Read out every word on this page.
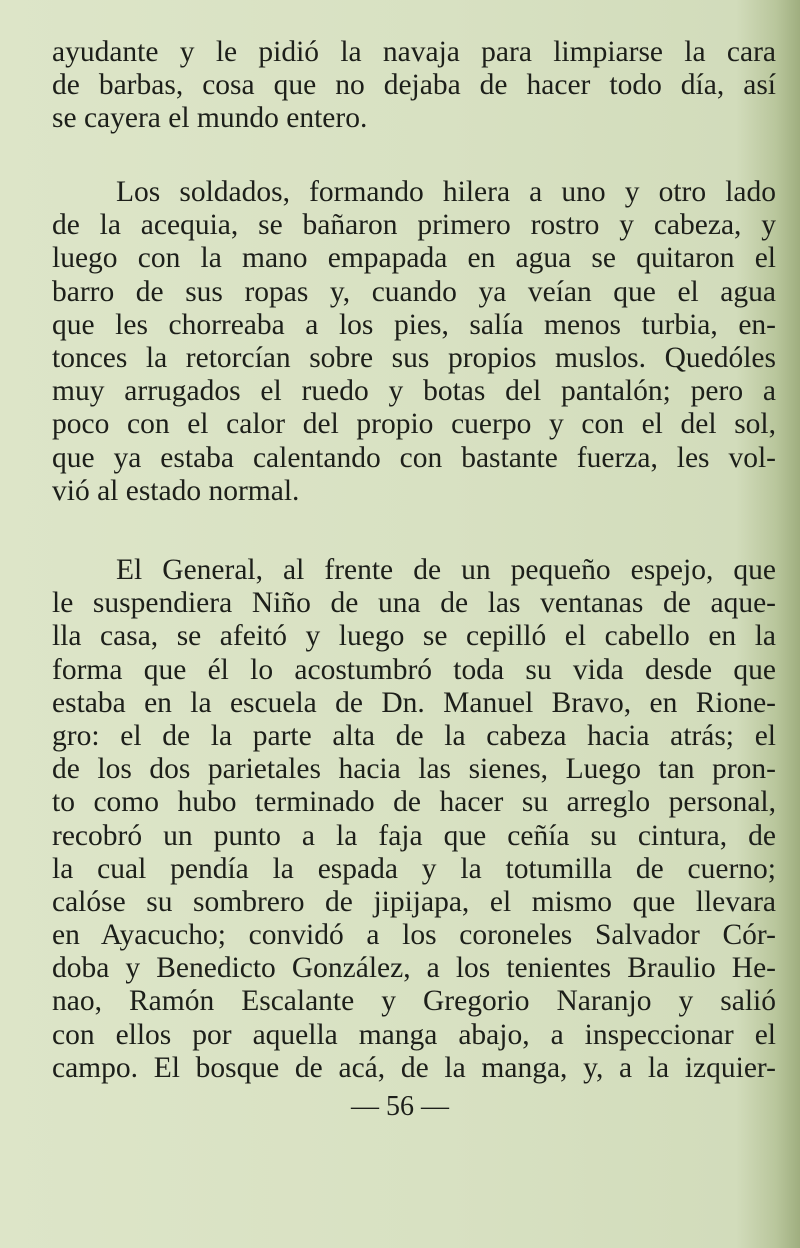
ayudante y le pidió la navaja para limpiarse la cara
de barbas, cosa que no dejaba de hacer todo día, así
se cayera el mundo entero.
Los soldados, formando hilera a uno y otro lado
de la acequia, se bañaron primero rostro y cabeza, y
luego con la mano empapada en agua se quitaron el
barro de sus ropas y, cuando ya veían que el agua
que les chorreaba a los pies, salía menos turbia, en-
tonces la retorcían sobre sus propios muslos. Quedóles
muy arrugados el ruedo y botas del pantalón; pero a
poco con el calor del propio cuerpo y con el del sol,
que ya estaba calentando con bastante fuerza, les vol-
vió al estado normal.
El General, al frente de un pequeño espejo, que
le suspendiera Niño de una de las ventanas de aque-
lla casa, se afeitó y luego se cepilló el cabello en la
forma que él lo acostumbró toda su vida desde que
estaba en la escuela de Dn. Manuel Bravo, en Rione-
gro: el de la parte alta de la cabeza hacia atrás; el
de los dos parietales hacia las sienes, Luego tan pron-
to como hubo terminado de hacer su arreglo personal,
recobró un punto a la faja que ceñía su cintura, de
la cual pendía la espada y la totumilla de cuerno;
calóse su sombrero de jipijapa, el mismo que llevara
en Ayacucho; convidó a los coroneles Salvador Cór-
doba y Benedicto González, a los tenientes Braulio He-
nao, Ramón Escalante y Gregorio Naranjo y salió
con ellos por aquella manga abajo, a inspeccionar el
campo. El bosque de acá, de la manga, y, a la izquier-
— 56 —
